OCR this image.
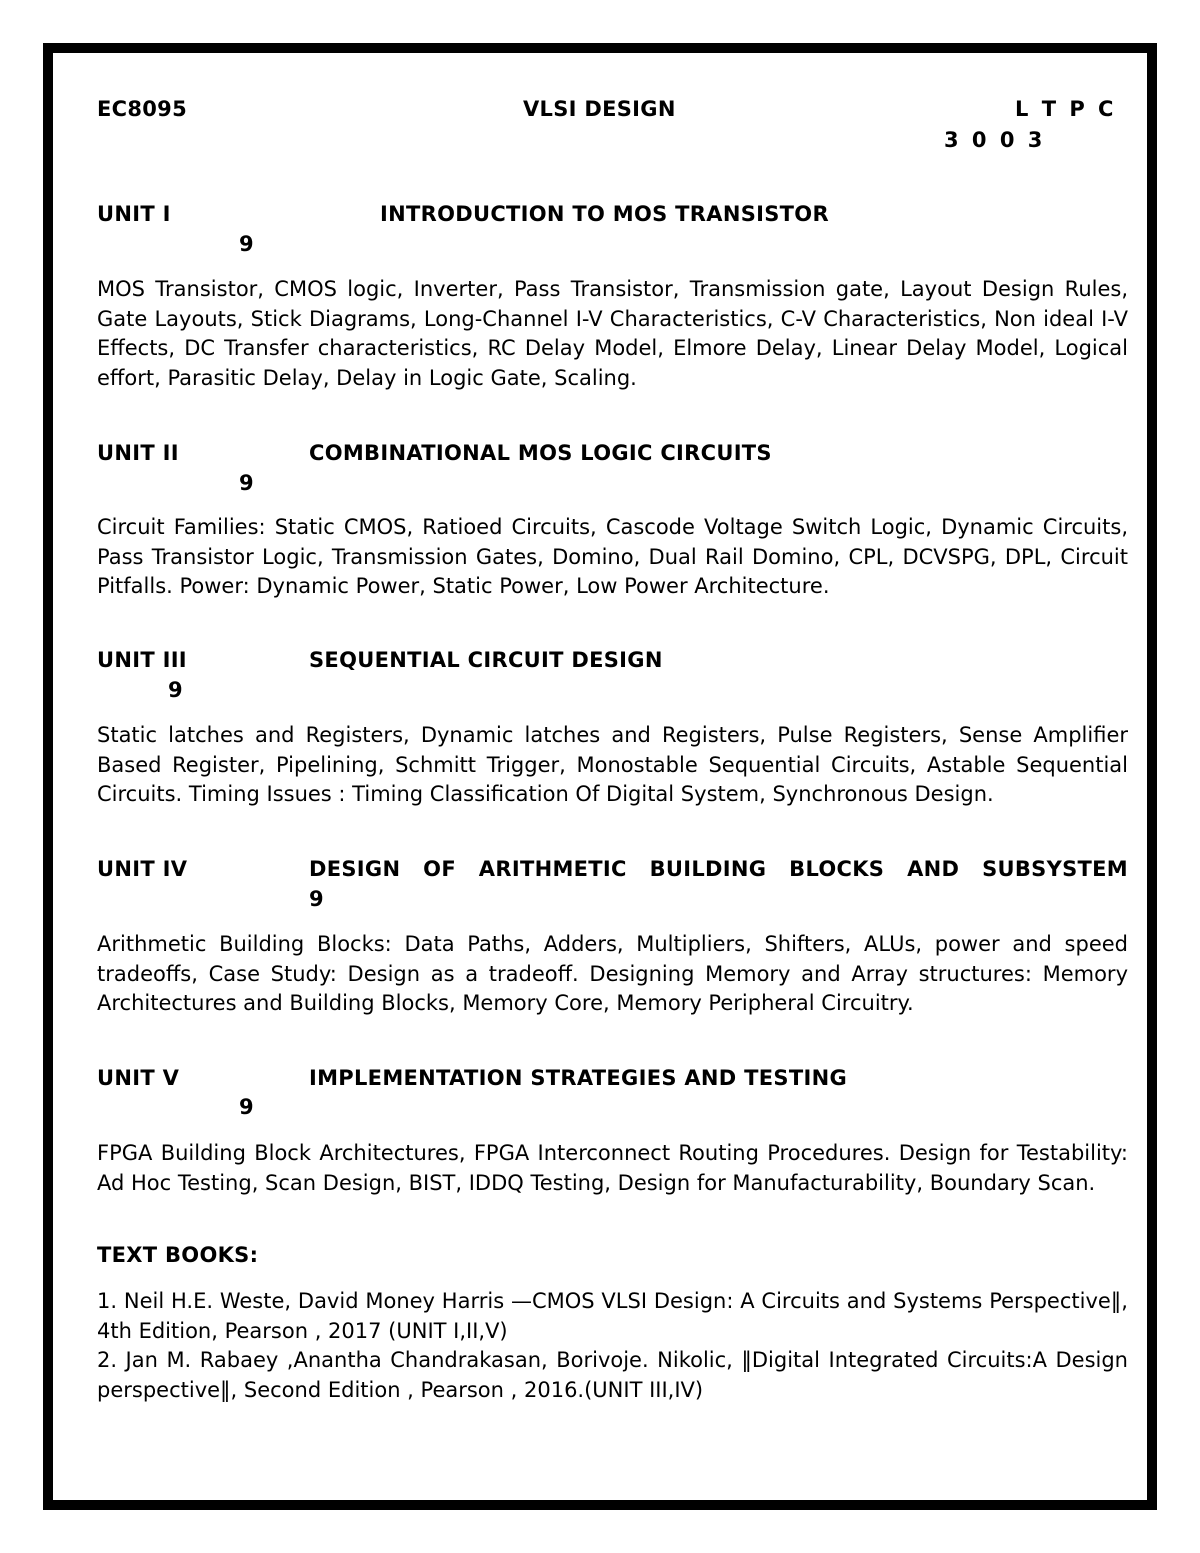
EC8095	VLSI DESIGN	L T P C
3 0 0 3
UNIT I	INTRODUCTION TO MOS TRANSISTOR
9

MOS Transistor, CMOS logic, Inverter, Pass Transistor, Transmission gate, Layout Design Rules, Gate Layouts, Stick Diagrams, Long-Channel I-V Characteristics, C-V Characteristics, Non ideal I-V Effects, DC Transfer characteristics, RC Delay Model, Elmore Delay, Linear Delay Model, Logical effort, Parasitic Delay, Delay in Logic Gate, Scaling.

UNIT II	COMBINATIONAL MOS LOGIC CIRCUITS
9

Circuit Families: Static CMOS, Ratioed Circuits, Cascode Voltage Switch Logic, Dynamic Circuits, Pass Transistor Logic, Transmission Gates, Domino, Dual Rail Domino, CPL, DCVSPG, DPL, Circuit Pitfalls. Power: Dynamic Power, Static Power, Low Power Architecture.

UNIT III	SEQUENTIAL CIRCUIT DESIGN
9

Static latches and Registers, Dynamic latches and Registers, Pulse Registers, Sense Amplifier Based Register, Pipelining, Schmitt Trigger, Monostable Sequential Circuits, Astable Sequential Circuits. Timing Issues : Timing Classification Of Digital System, Synchronous Design.

UNIT IV	DESIGN OF ARITHMETIC BUILDING BLOCKS AND SUBSYSTEM
9

Arithmetic Building Blocks: Data Paths, Adders, Multipliers, Shifters, ALUs, power and speed tradeoffs, Case Study: Design as a tradeoff. Designing Memory and Array structures: Memory Architectures and Building Blocks, Memory Core, Memory Peripheral Circuitry.

UNIT V	IMPLEMENTATION STRATEGIES AND TESTING
9

FPGA Building Block Architectures, FPGA Interconnect Routing Procedures. Design for Testability: Ad Hoc Testing, Scan Design, BIST, IDDQ Testing, Design for Manufacturability, Boundary Scan.

TEXT BOOKS:

1. Neil H.E. Weste, David Money Harris —CMOS VLSI Design: A Circuits and Systems Perspective‖, 4th Edition, Pearson , 2017 (UNIT I,II,V)

2. Jan M. Rabaey ,Anantha Chandrakasan, Borivoje. Nikolic, ‖Digital Integrated Circuits:A Design perspective‖, Second Edition , Pearson , 2016.(UNIT III,IV)
